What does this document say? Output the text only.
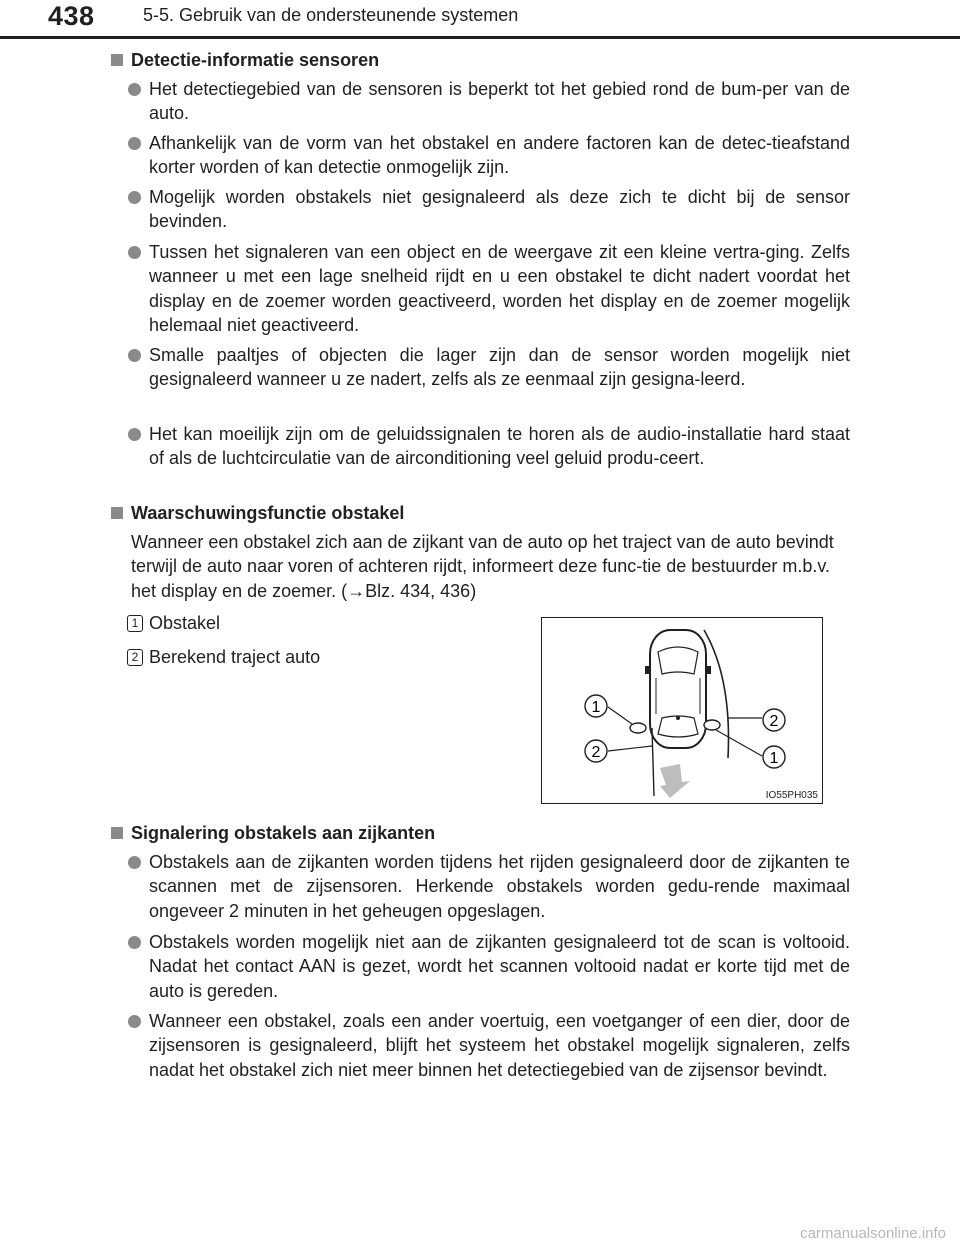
438	5-5. Gebruik van de ondersteunende systemen
Detectie-informatie sensoren
Het detectiegebied van de sensoren is beperkt tot het gebied rond de bum-per van de auto.
Afhankelijk van de vorm van het obstakel en andere factoren kan de detec-tieafstand korter worden of kan detectie onmogelijk zijn.
Mogelijk worden obstakels niet gesignaleerd als deze zich te dicht bij de sensor bevinden.
Tussen het signaleren van een object en de weergave zit een kleine vertra-ging. Zelfs wanneer u met een lage snelheid rijdt en u een obstakel te dicht nadert voordat het display en de zoemer worden geactiveerd, worden het display en de zoemer mogelijk helemaal niet geactiveerd.
Smalle paaltjes of objecten die lager zijn dan de sensor worden mogelijk niet gesignaleerd wanneer u ze nadert, zelfs als ze eenmaal zijn gesigna-leerd.
Het kan moeilijk zijn om de geluidssignalen te horen als de audio-installatie hard staat of als de luchtcirculatie van de airconditioning veel geluid produ-ceert.
Waarschuwingsfunctie obstakel
Wanneer een obstakel zich aan de zijkant van de auto op het traject van de auto bevindt terwijl de auto naar voren of achteren rijdt, informeert deze func-tie de bestuurder m.b.v. het display en de zoemer. (→Blz. 434, 436)
1 Obstakel
2 Berekend traject auto
1
2
2
1
IO55PH035
Signalering obstakels aan zijkanten
Obstakels aan de zijkanten worden tijdens het rijden gesignaleerd door de zijkanten te scannen met de zijsensoren. Herkende obstakels worden gedu-rende maximaal ongeveer 2 minuten in het geheugen opgeslagen.
Obstakels worden mogelijk niet aan de zijkanten gesignaleerd tot de scan is voltooid. Nadat het contact AAN is gezet, wordt het scannen voltooid nadat er korte tijd met de auto is gereden.
Wanneer een obstakel, zoals een ander voertuig, een voetganger of een dier, door de zijsensoren is gesignaleerd, blijft het systeem het obstakel mogelijk signaleren, zelfs nadat het obstakel zich niet meer binnen het detectiegebied van de zijsensor bevindt.
carmanualsonline.info
